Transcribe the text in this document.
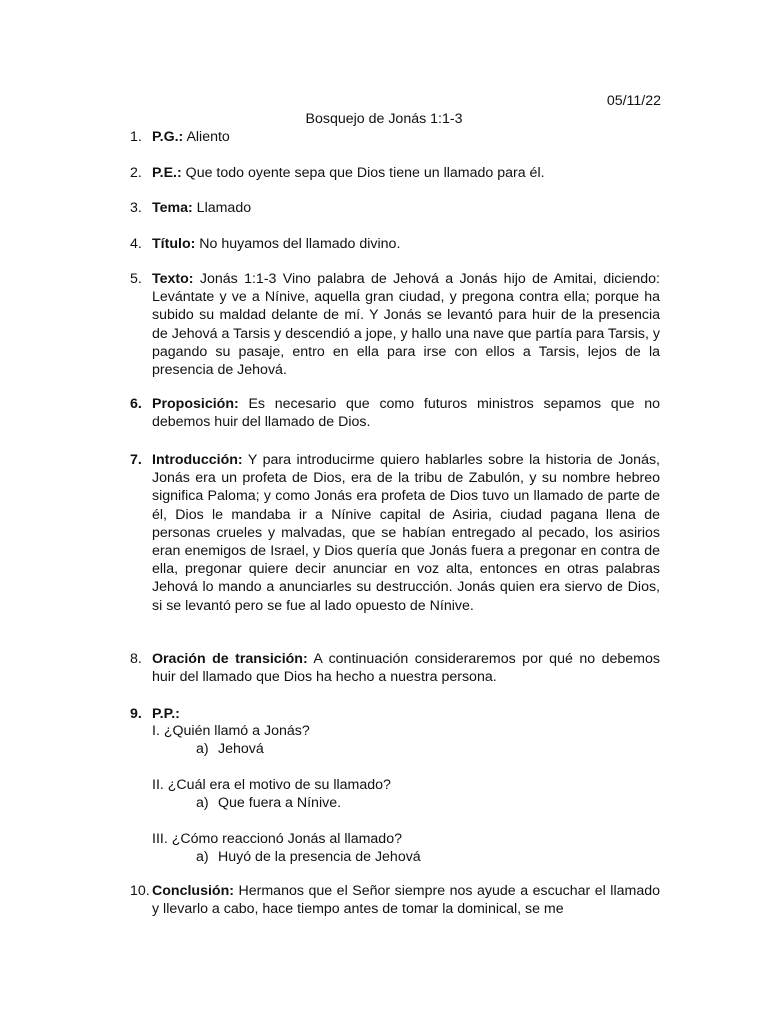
05/11/22
Bosquejo de Jonás 1:1-3
1. P.G.: Aliento
2. P.E.: Que todo oyente sepa que Dios tiene un llamado para él.
3. Tema: Llamado
4. Título: No huyamos del llamado divino.
5. Texto: Jonás 1:1-3 Vino palabra de Jehová a Jonás hijo de Amitai, diciendo: Levántate y ve a Nínive, aquella gran ciudad, y pregona contra ella; porque ha subido su maldad delante de mí. Y Jonás se levantó para huir de la presencia de Jehová a Tarsis y descendió a jope, y hallo una nave que partía para Tarsis, y pagando su pasaje, entro en ella para irse con ellos a Tarsis, lejos de la presencia de Jehová.
6. Proposición: Es necesario que como futuros ministros sepamos que no debemos huir del llamado de Dios.
7. Introducción: Y para introducirme quiero hablarles sobre la historia de Jonás, Jonás era un profeta de Dios, era de la tribu de Zabulón, y su nombre hebreo significa Paloma; y como Jonás era profeta de Dios tuvo un llamado de parte de él, Dios le mandaba ir a Nínive capital de Asiria, ciudad pagana llena de personas crueles y malvadas, que se habían entregado al pecado, los asirios eran enemigos de Israel, y Dios quería que Jonás fuera a pregonar en contra de ella, pregonar quiere decir anunciar en voz alta, entonces en otras palabras Jehová lo mando a anunciarles su destrucción. Jonás quien era siervo de Dios, si se levantó pero se fue al lado opuesto de Nínive.
8. Oración de transición: A continuación consideraremos por qué no debemos huir del llamado que Dios ha hecho a nuestra persona.
9. P.P.:
I. ¿Quién llamó a Jonás?
a) Jehová
II. ¿Cuál era el motivo de su llamado?
a) Que fuera a Nínive.
III. ¿Cómo reaccionó Jonás al llamado?
a) Huyó de la presencia de Jehová
10. Conclusión: Hermanos que el Señor siempre nos ayude a escuchar el llamado y llevarlo a cabo, hace tiempo antes de tomar la dominical, se me
